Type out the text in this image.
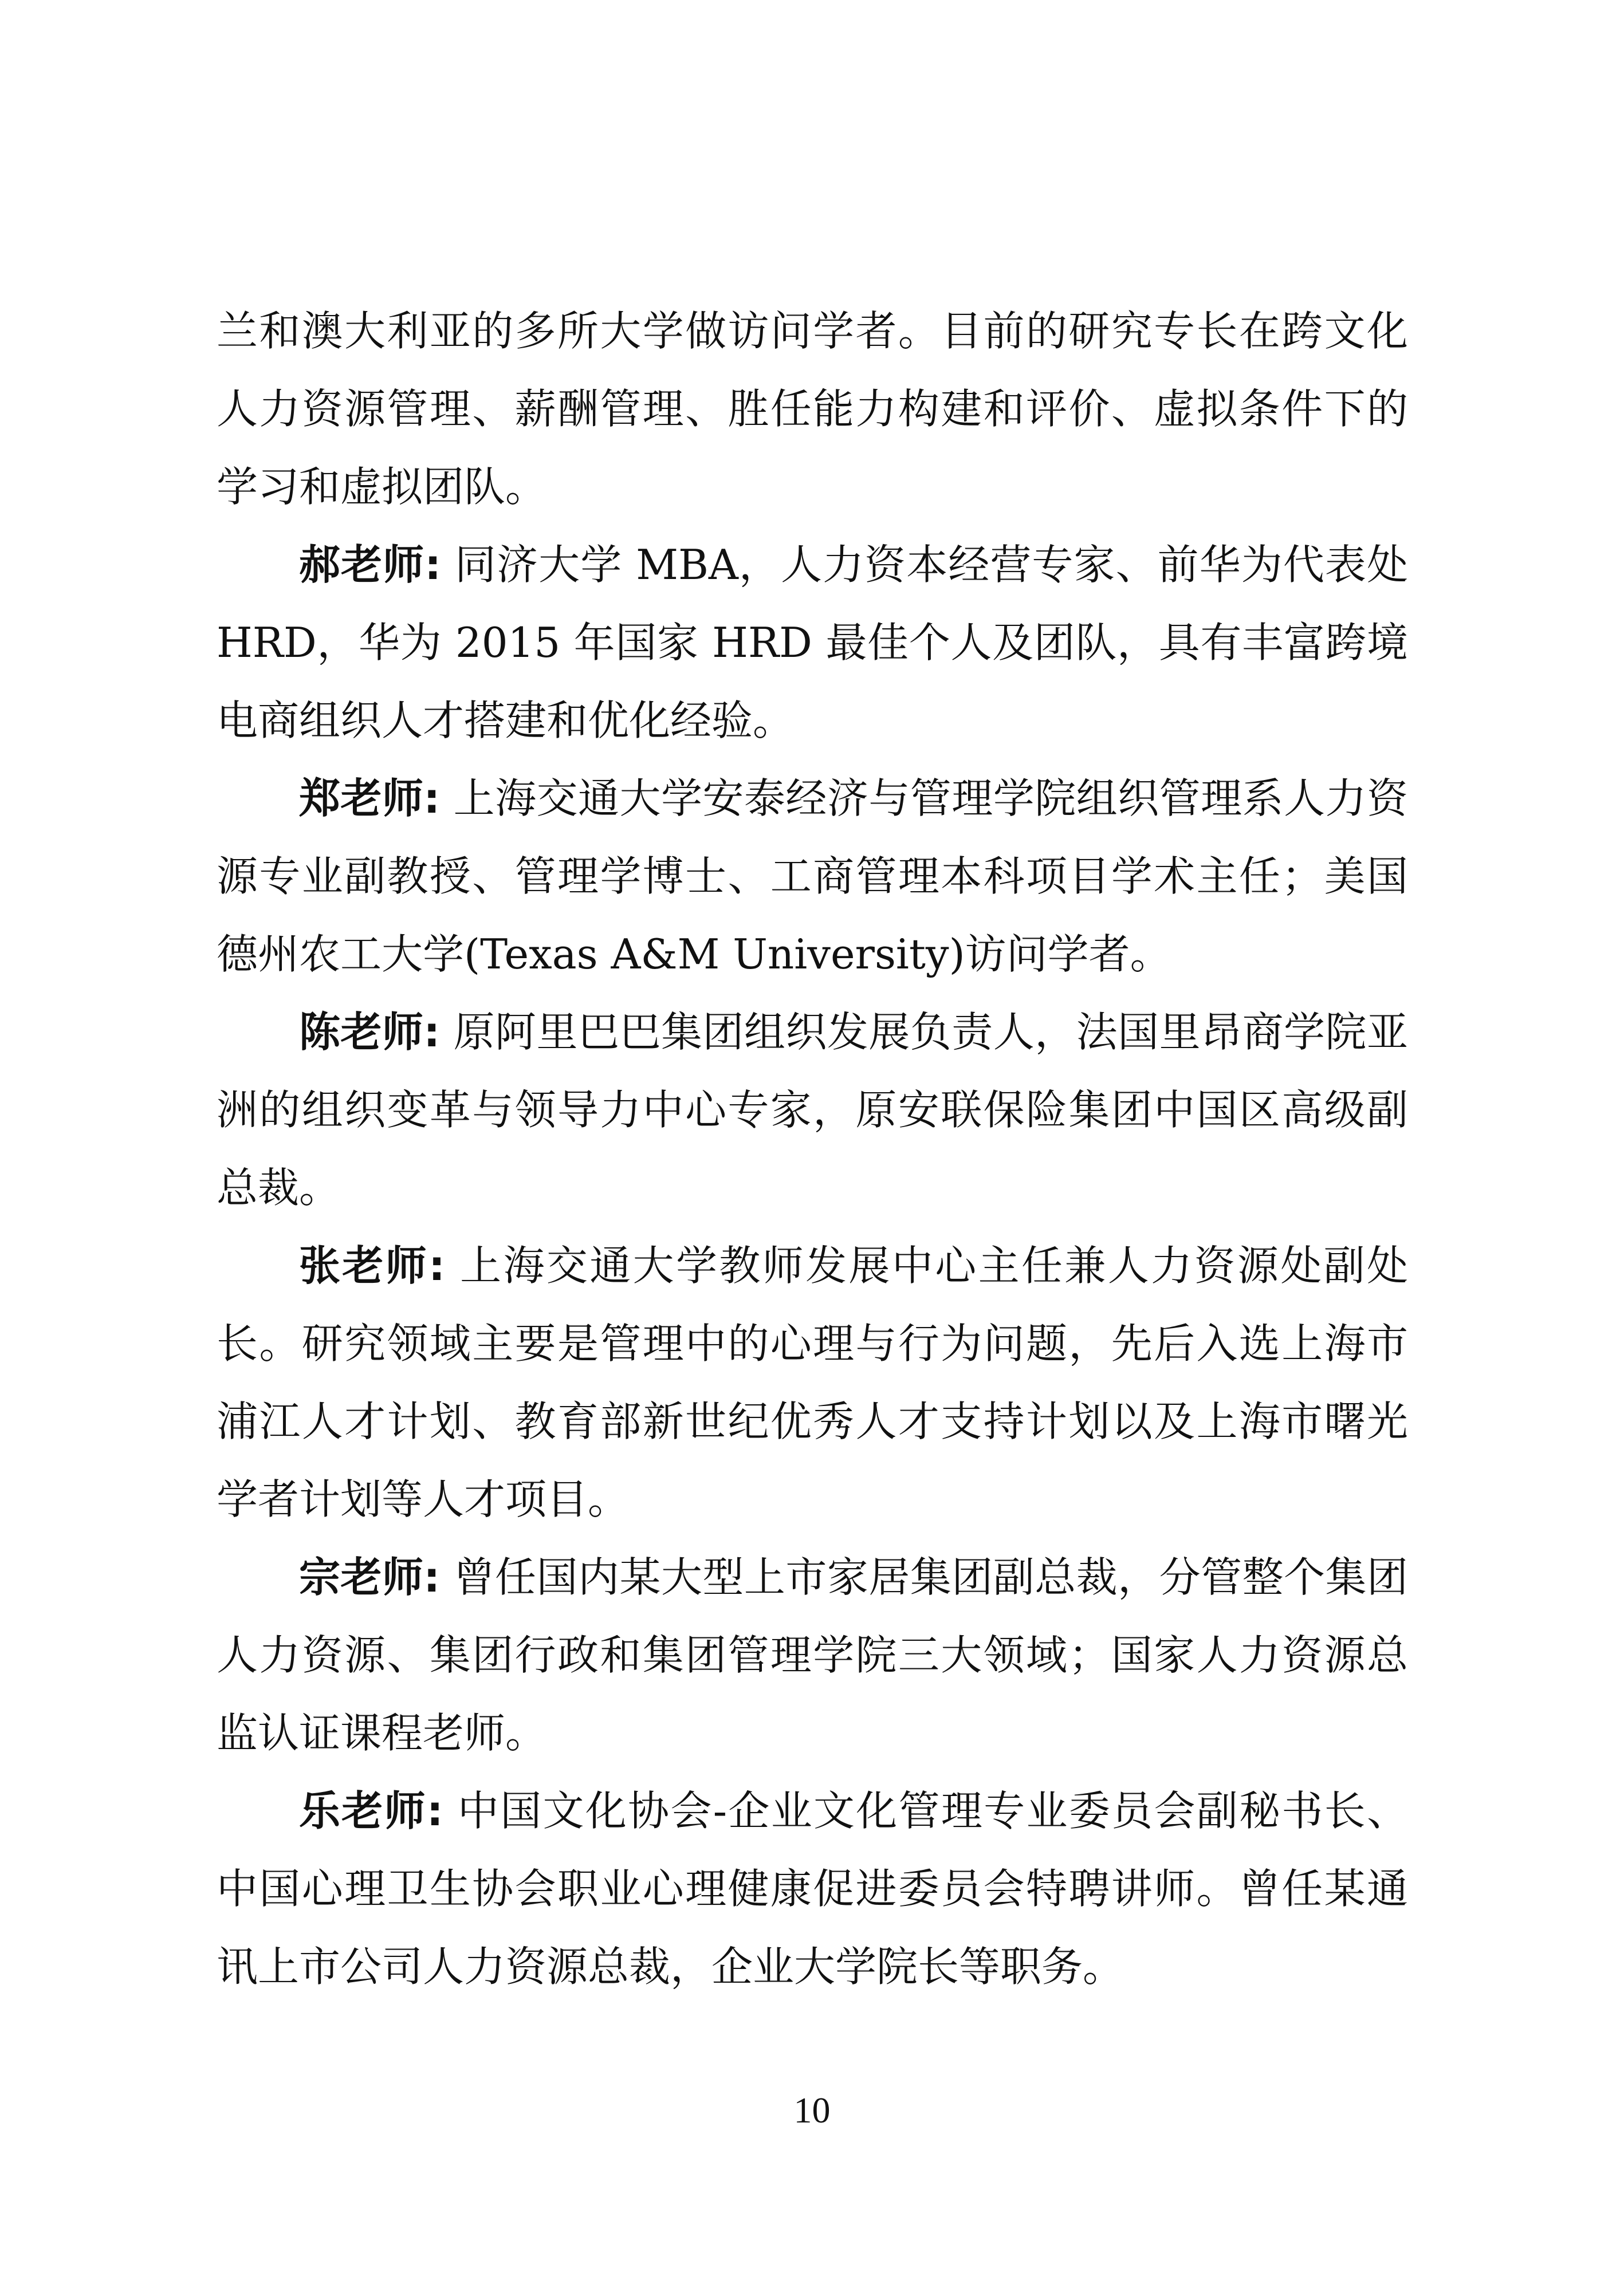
兰和澳大利亚的多所大学做访问学者。目前的研究专长在跨文化人力资源管理、薪酬管理、胜任能力构建和评价、虚拟条件下的学习和虚拟团队。

郝老师: 同济大学 MBA，人力资本经营专家、前华为代表处 HRD，华为 2015 年国家 HRD 最佳个人及团队，具有丰富跨境电商组织人才搭建和优化经验。

郑老师: 上海交通大学安泰经济与管理学院组织管理系人力资源专业副教授、管理学博士、工商管理本科项目学术主任；美国德州农工大学(Texas A&M University)访问学者。

陈老师: 原阿里巴巴集团组织发展负责人，法国里昂商学院亚洲的组织变革与领导力中心专家，原安联保险集团中国区高级副总裁。

张老师: 上海交通大学教师发展中心主任兼人力资源处副处长。研究领域主要是管理中的心理与行为问题，先后入选上海市浦江人才计划、教育部新世纪优秀人才支持计划以及上海市曙光学者计划等人才项目。

宗老师: 曾任国内某大型上市家居集团副总裁，分管整个集团人力资源、集团行政和集团管理学院三大领域；国家人力资源总监认证课程老师。

乐老师: 中国文化协会-企业文化管理专业委员会副秘书长、中国心理卫生协会职业心理健康促进委员会特聘讲师。曾任某通讯上市公司人力资源总裁，企业大学院长等职务。

10
